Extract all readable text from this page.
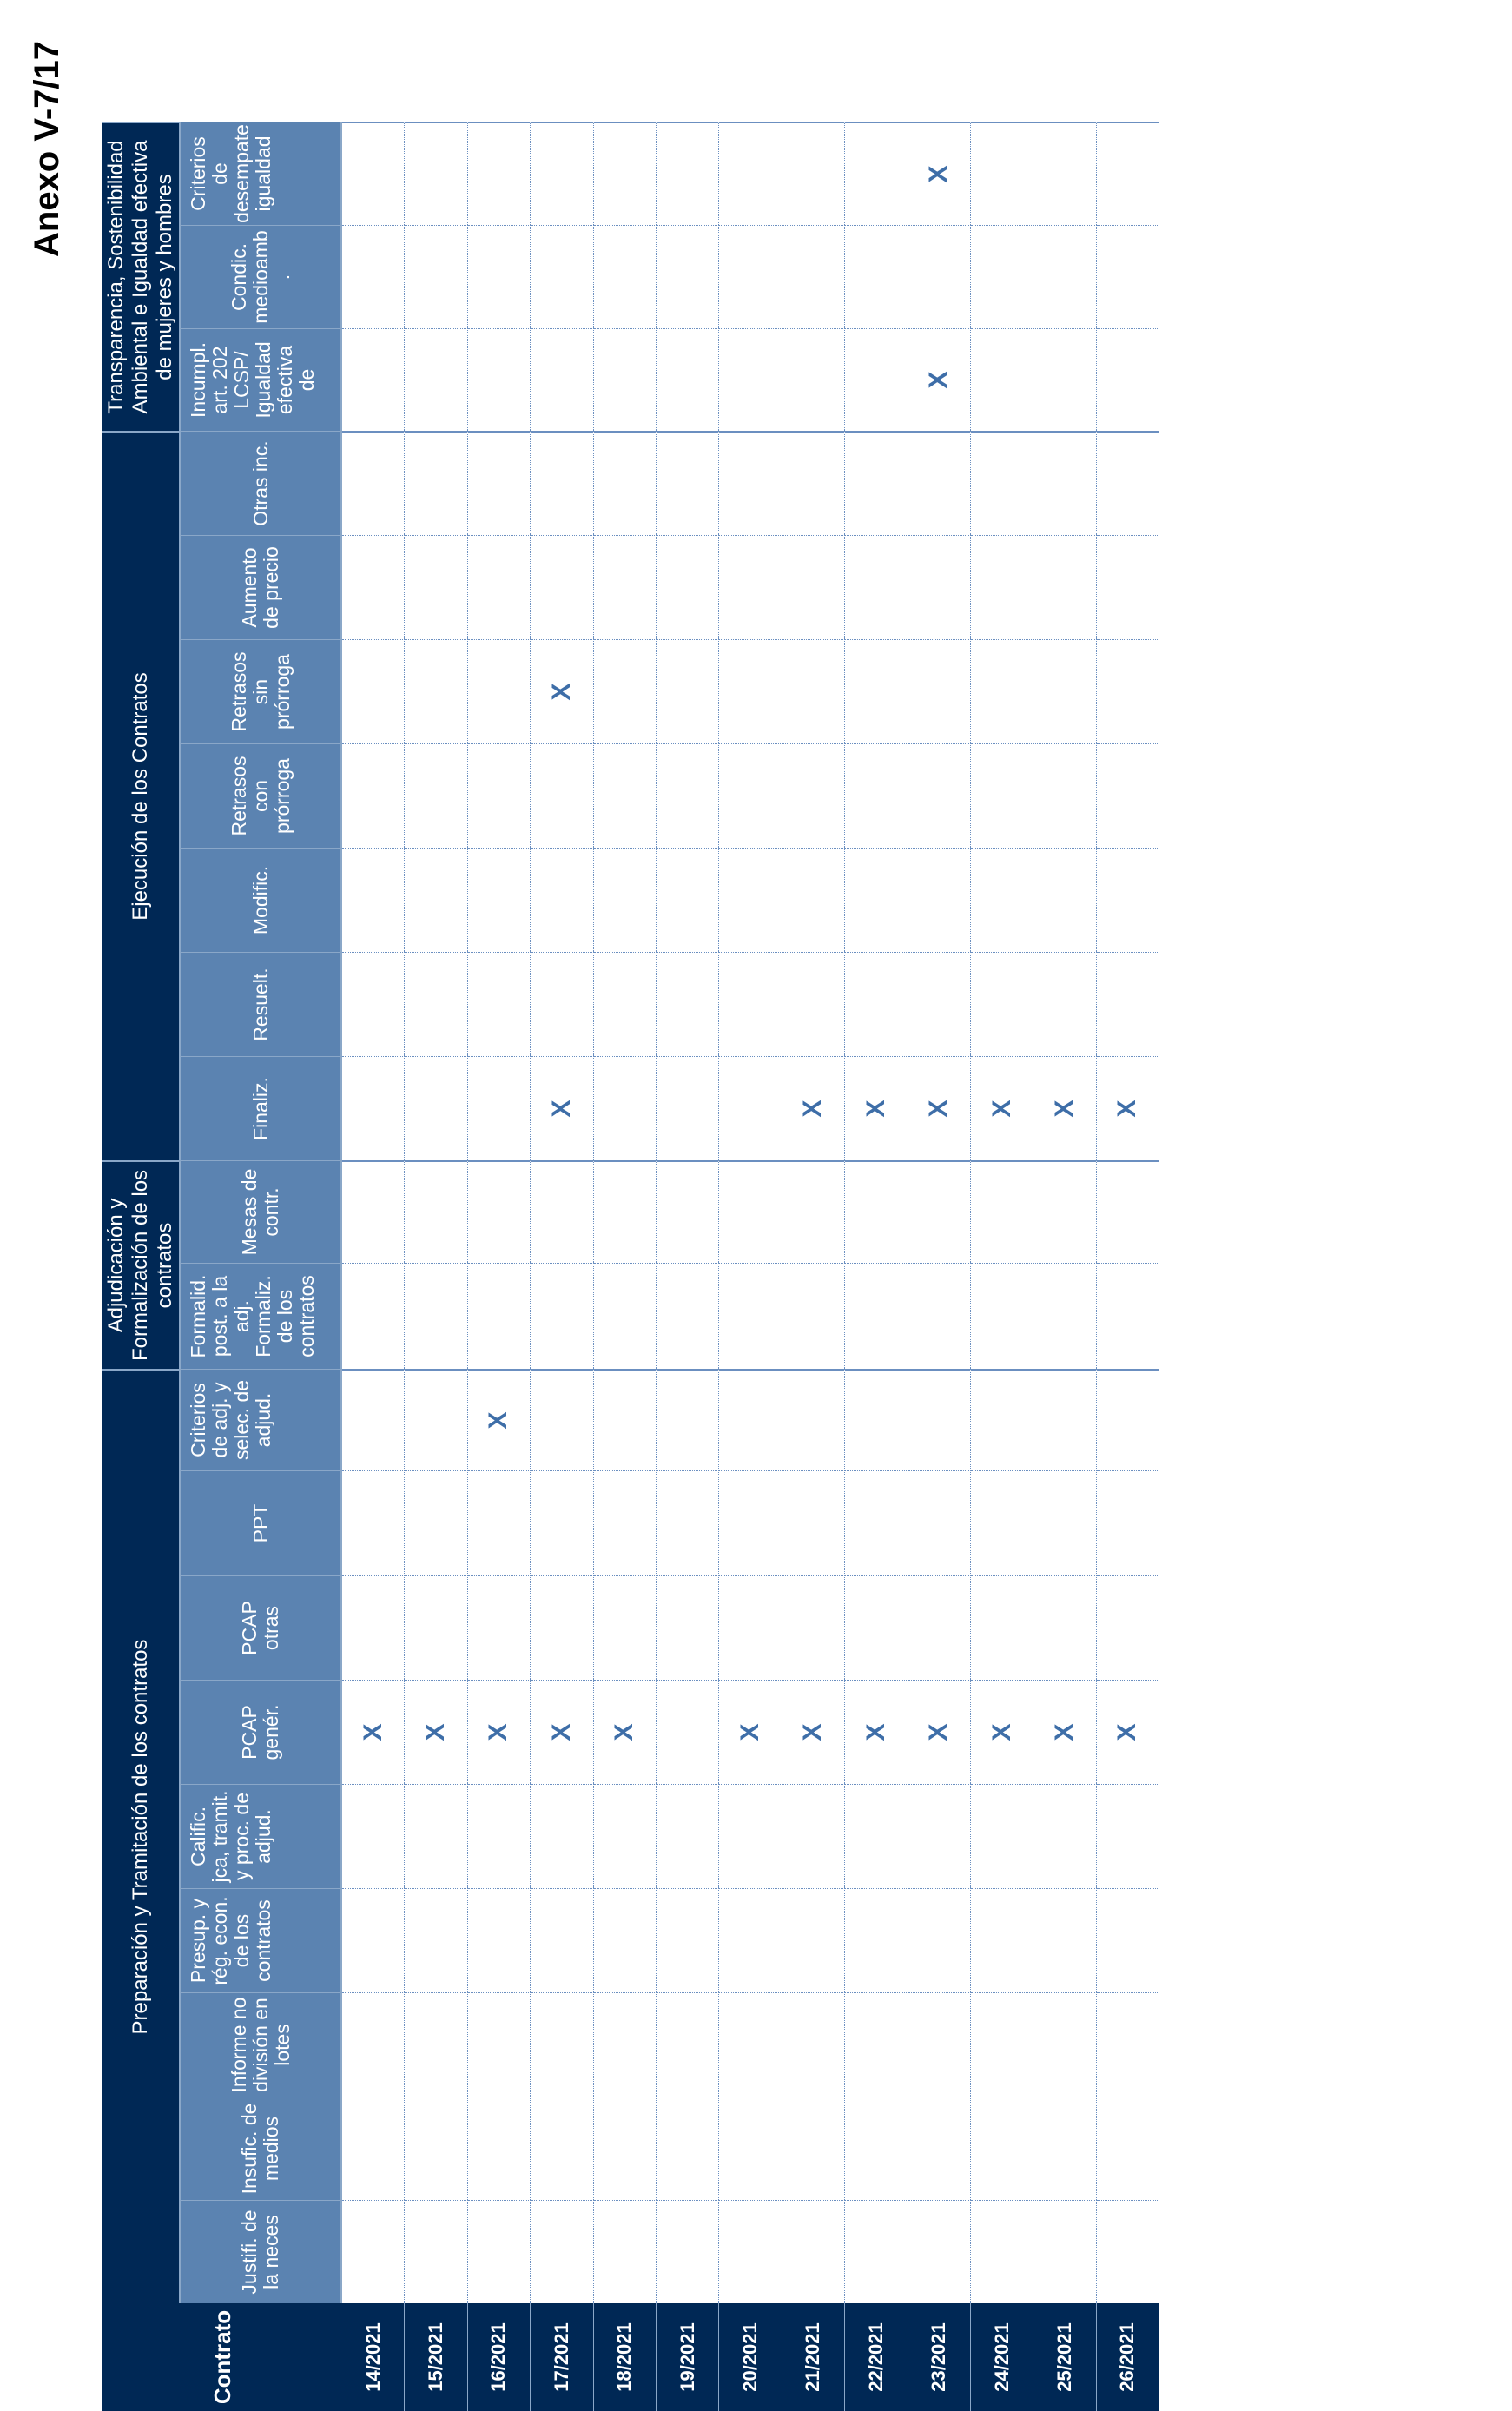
Anexo V-7/17
Contrato
Preparación y Tramitación de los contratos
Adjudicación y Formalización de los contratos
Ejecución de los Contratos
Transparencia, Sostenibilidad Ambiental e Igualdad efectiva de mujeres y hombres
Justifi. de la neces
Insufic. de medios
Informe no división en lotes
Presup. y rég. econ. de los contratos
Calific. jca, tramit. y proc. de adjud.
PCAP genér.
PCAP otras
PPT
Criterios de adj. y selec. de adjud.
Formalid. post. a la adj. Formaliz. de los contratos
Mesas de contr.
Finaliz.
Resuelt.
Modific.
Retrasos con prórroga
Retrasos sin prórroga
Aumento de precio
Otras inc.
Incumpl. art. 202 LCSP/ Igualdad efectiva de
Condic. medioamb .
Criterios de desempate igualdad
14/2021
X
15/2021
X
16/2021
X
X
17/2021
X
X
X
18/2021
X
19/2021	20/2021
X
21/2021
X
X
22/2021
X
X
23/2021
X
X
X
X
24/2021
X
X
25/2021
X
X
26/2021
X
X
